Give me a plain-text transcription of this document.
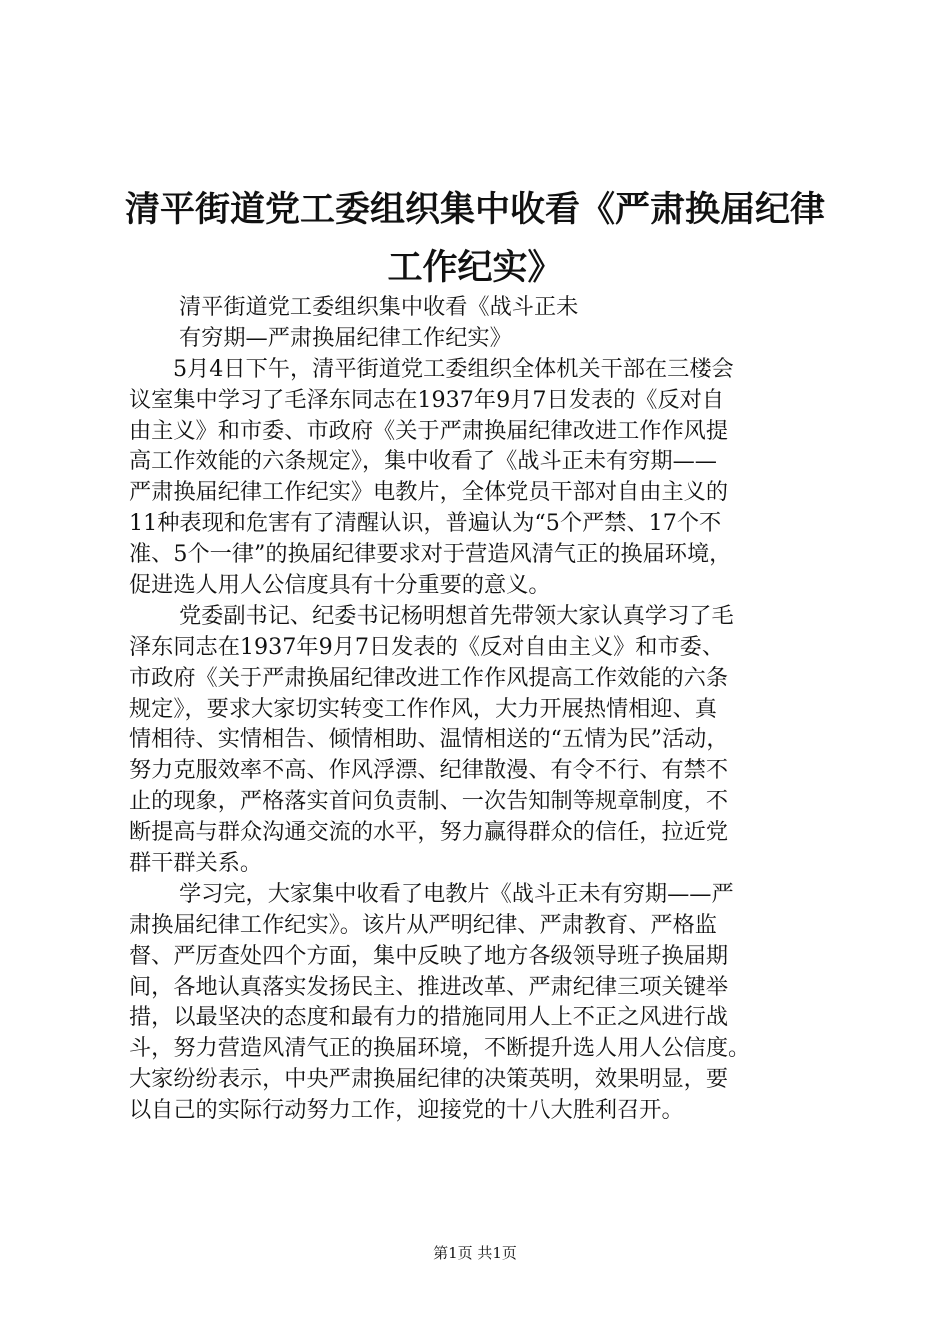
清平街道党工委组织集中收看《严肃换届纪律
工作纪实》
清平街道党工委组织集中收看《战斗正未
有穷期—严肃换届纪律工作纪实》
5月4日下午，清平街道党工委组织全体机关干部在三楼会
议室集中学习了毛泽东同志在1937年9月7日发表的《反对自
由主义》和市委、市政府《关于严肃换届纪律改进工作作风提
高工作效能的六条规定》，集中收看了《战斗正未有穷期——
严肃换届纪律工作纪实》电教片，全体党员干部对自由主义的
11种表现和危害有了清醒认识，普遍认为“5个严禁、17个不
准、5个一律”的换届纪律要求对于营造风清气正的换届环境，
促进选人用人公信度具有十分重要的意义。
党委副书记、纪委书记杨明想首先带领大家认真学习了毛
泽东同志在1937年9月7日发表的《反对自由主义》和市委、
市政府《关于严肃换届纪律改进工作作风提高工作效能的六条
规定》，要求大家切实转变工作作风，大力开展热情相迎、真
情相待、实情相告、倾情相助、温情相送的“五情为民”活动，
努力克服效率不高、作风浮漂、纪律散漫、有令不行、有禁不
止的现象，严格落实首问负责制、一次告知制等规章制度，不
断提高与群众沟通交流的水平，努力赢得群众的信任，拉近党
群干群关系。
学习完，大家集中收看了电教片《战斗正未有穷期——严
肃换届纪律工作纪实》。该片从严明纪律、严肃教育、严格监
督、严厉查处四个方面，集中反映了地方各级领导班子换届期
间，各地认真落实发扬民主、推进改革、严肃纪律三项关键举
措，以最坚决的态度和最有力的措施同用人上不正之风进行战
斗，努力营造风清气正的换届环境，不断提升选人用人公信度。
大家纷纷表示，中央严肃换届纪律的决策英明，效果明显，要
以自己的实际行动努力工作，迎接党的十八大胜利召开。
第1页 共1页
